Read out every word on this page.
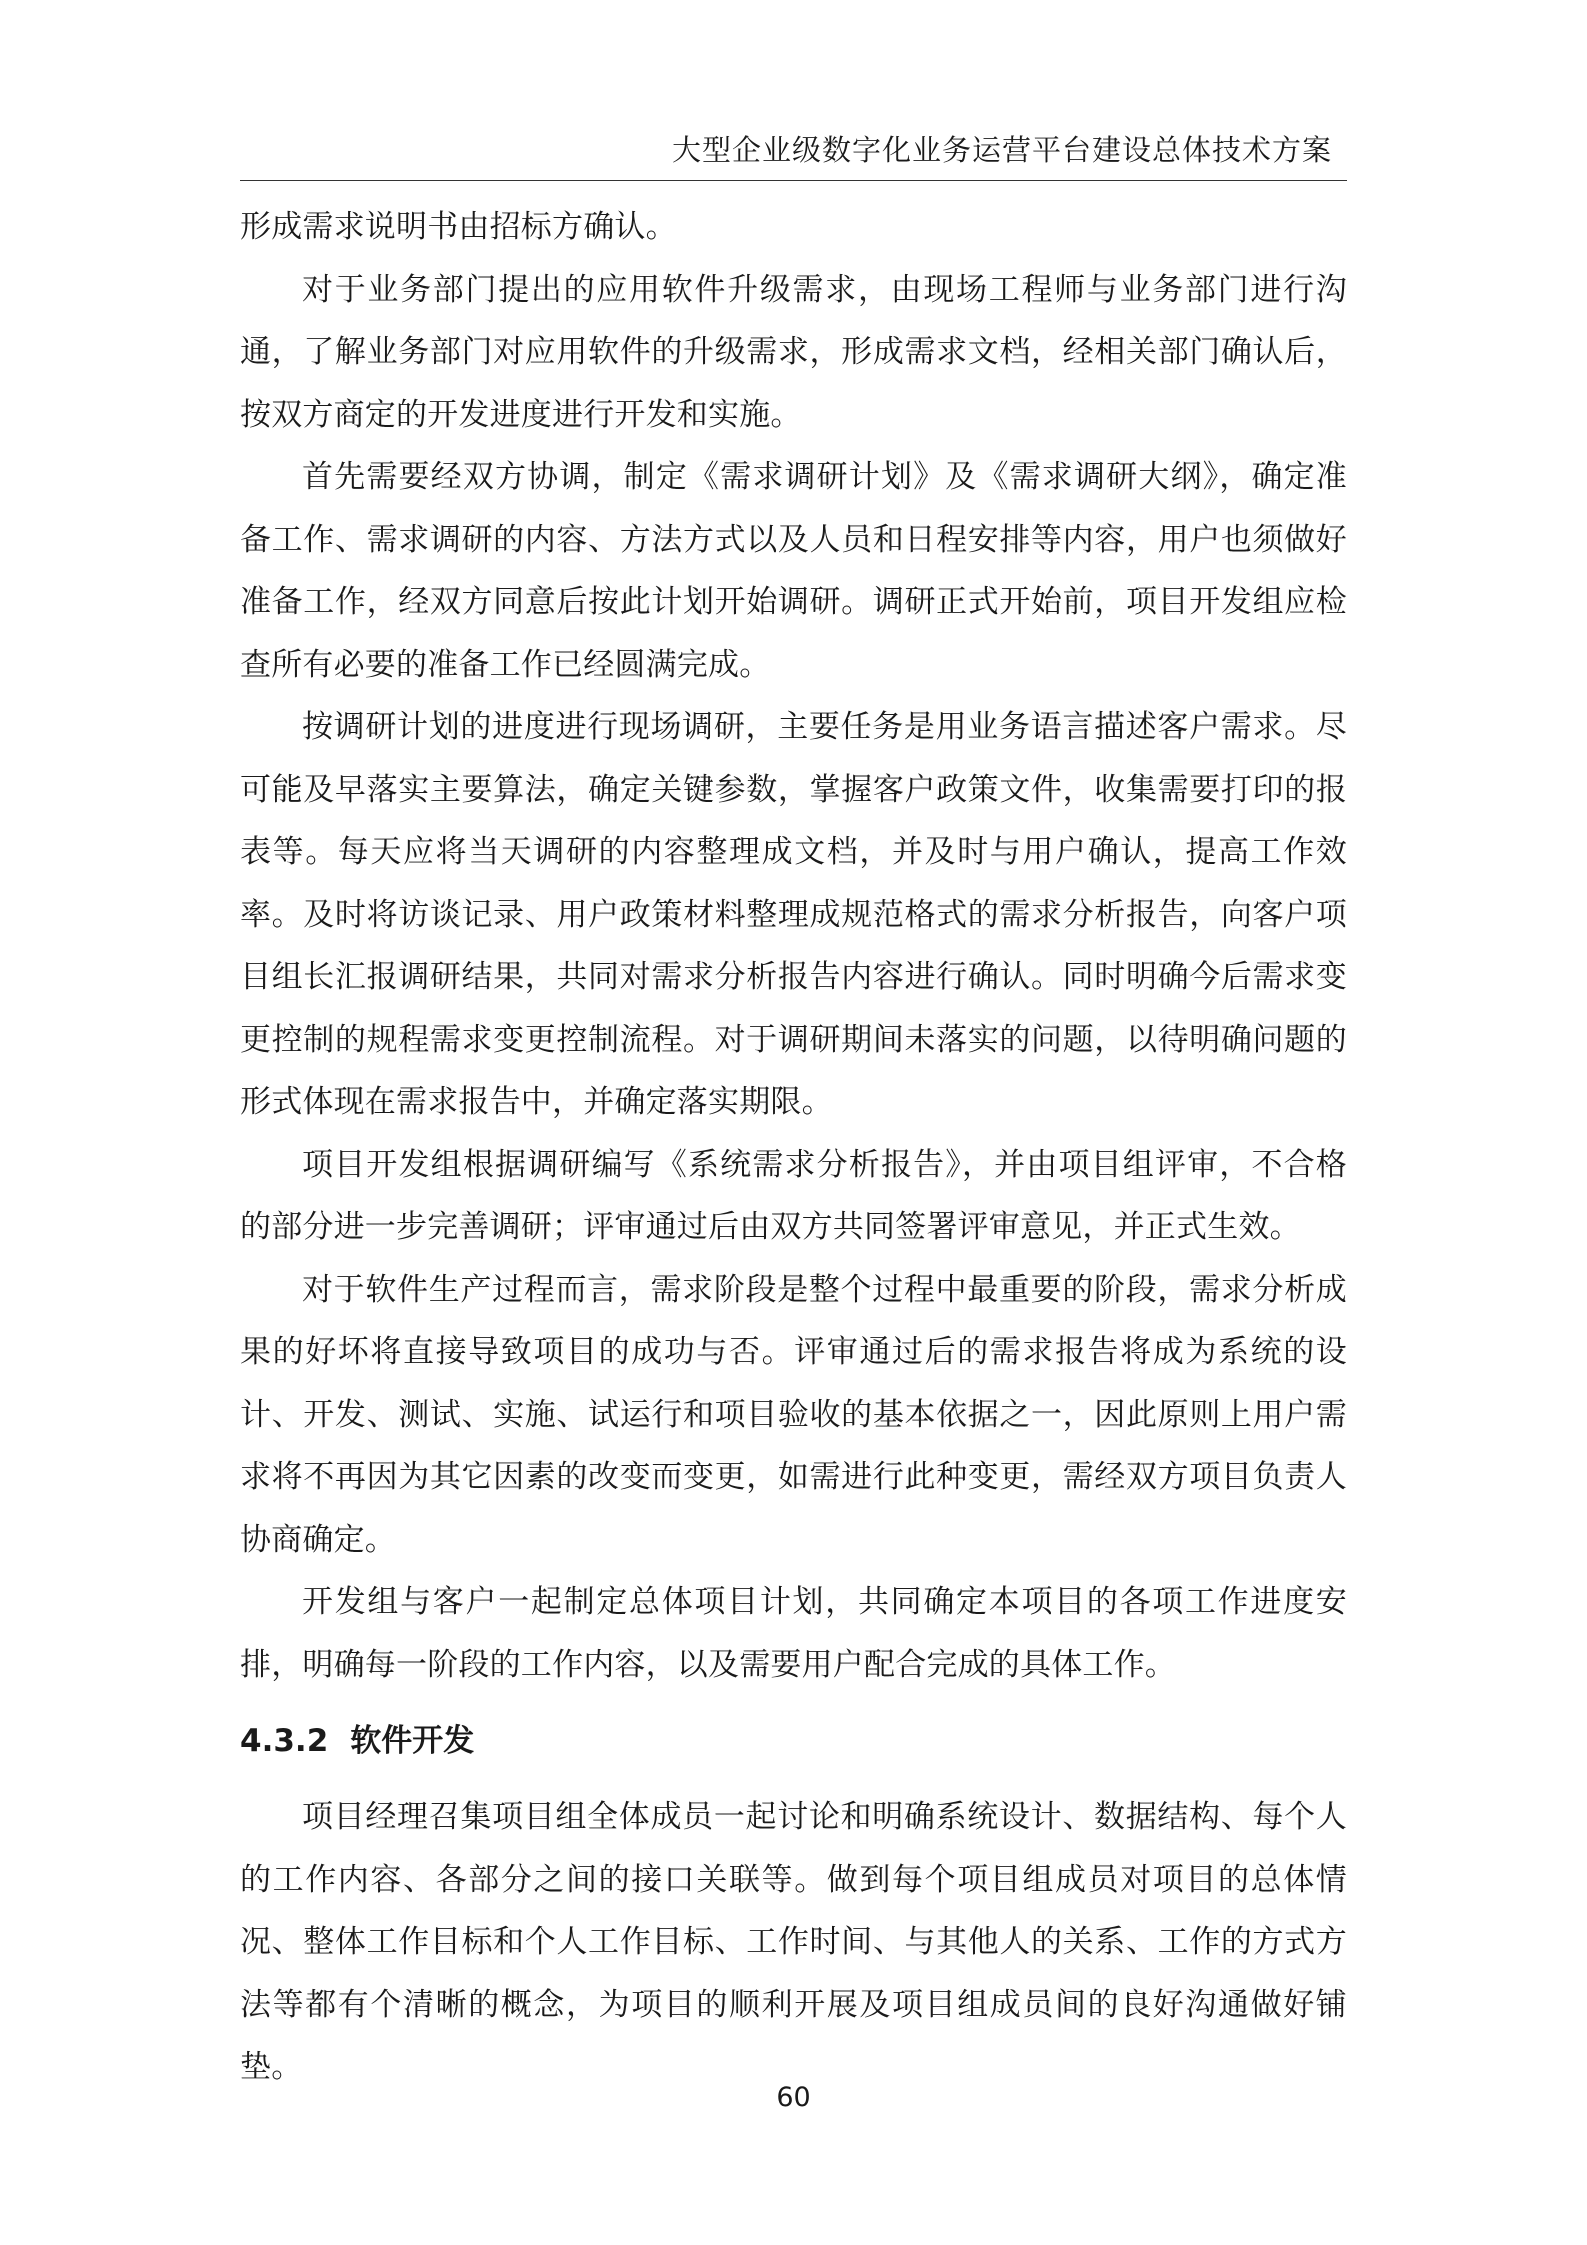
大型企业级数字化业务运营平台建设总体技术方案

形成需求说明书由招标方确认。

对于业务部门提出的应用软件升级需求，由现场工程师与业务部门进行沟通，了解业务部门对应用软件的升级需求，形成需求文档，经相关部门确认后，按双方商定的开发进度进行开发和实施。

首先需要经双方协调，制定《需求调研计划》及《需求调研大纲》，确定准备工作、需求调研的内容、方法方式以及人员和日程安排等内容，用户也须做好准备工作，经双方同意后按此计划开始调研。调研正式开始前，项目开发组应检查所有必要的准备工作已经圆满完成。

按调研计划的进度进行现场调研，主要任务是用业务语言描述客户需求。尽可能及早落实主要算法，确定关键参数，掌握客户政策文件，收集需要打印的报表等。每天应将当天调研的内容整理成文档，并及时与用户确认，提高工作效率。及时将访谈记录、用户政策材料整理成规范格式的需求分析报告，向客户项目组长汇报调研结果，共同对需求分析报告内容进行确认。同时明确今后需求变更控制的规程需求变更控制流程。对于调研期间未落实的问题，以待明确问题的形式体现在需求报告中，并确定落实期限。

项目开发组根据调研编写《系统需求分析报告》，并由项目组评审，不合格的部分进一步完善调研；评审通过后由双方共同签署评审意见，并正式生效。

对于软件生产过程而言，需求阶段是整个过程中最重要的阶段，需求分析成果的好坏将直接导致项目的成功与否。评审通过后的需求报告将成为系统的设计、开发、测试、实施、试运行和项目验收的基本依据之一，因此原则上用户需求将不再因为其它因素的改变而变更，如需进行此种变更，需经双方项目负责人协商确定。

开发组与客户一起制定总体项目计划，共同确定本项目的各项工作进度安排，明确每一阶段的工作内容，以及需要用户配合完成的具体工作。

4.3.2 软件开发

项目经理召集项目组全体成员一起讨论和明确系统设计、数据结构、每个人的工作内容、各部分之间的接口关联等。做到每个项目组成员对项目的总体情况、整体工作目标和个人工作目标、工作时间、与其他人的关系、工作的方式方法等都有个清晰的概念，为项目的顺利开展及项目组成员间的良好沟通做好铺垫。

60
